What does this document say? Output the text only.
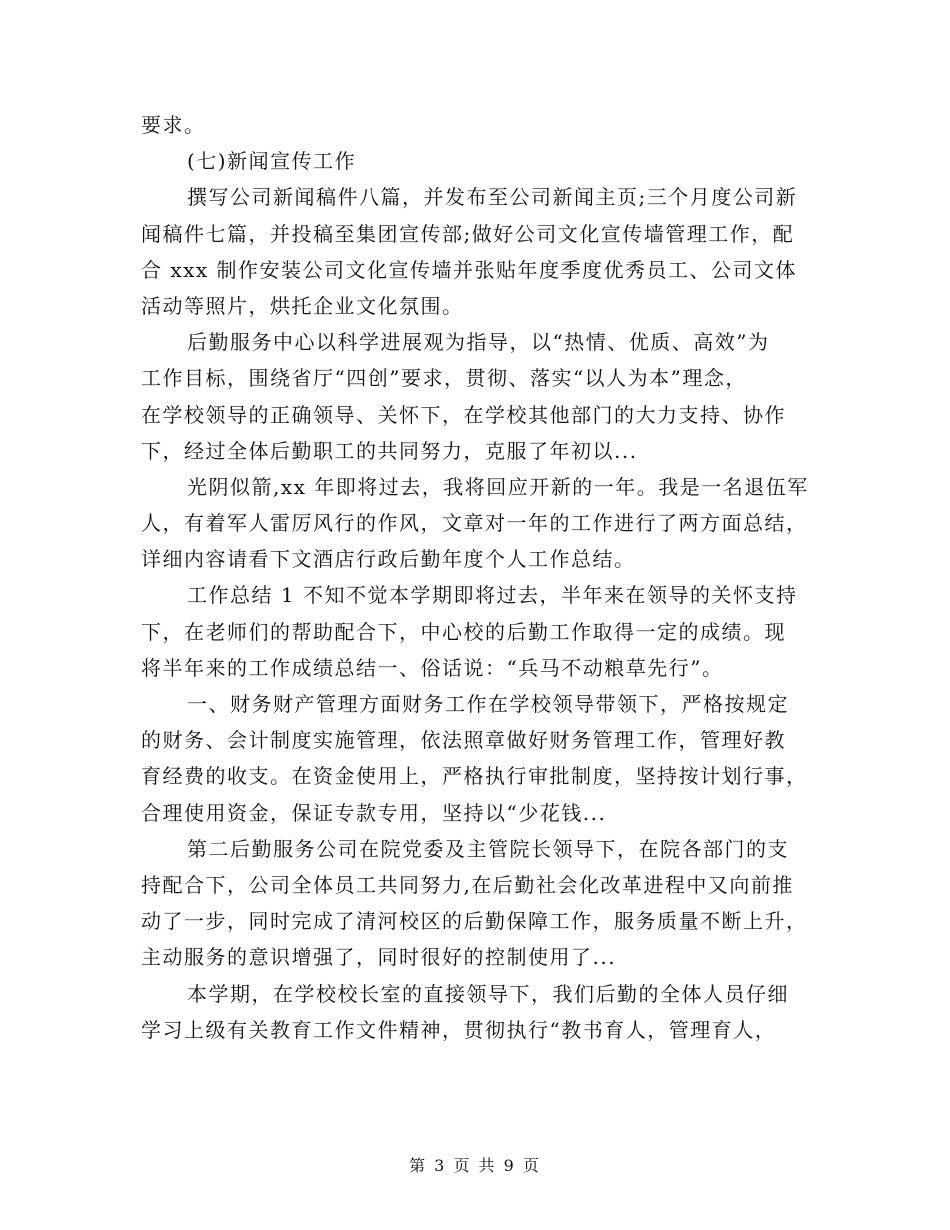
要求。
(七)新闻宣传工作
撰写公司新闻稿件八篇，并发布至公司新闻主页;三个月度公司新
闻稿件七篇，并投稿至集团宣传部;做好公司文化宣传墙管理工作，配
合 xxx 制作安装公司文化宣传墙并张贴年度季度优秀员工、公司文体
活动等照片，烘托企业文化氛围。
后勤服务中心以科学进展观为指导，以“热情、优质、高效”为
工作目标，围绕省厅“四创”要求，贯彻、落实“以人为本”理念，
在学校领导的正确领导、关怀下，在学校其他部门的大力支持、协作
下，经过全体后勤职工的共同努力，克服了年初以...
光阴似箭,xx 年即将过去，我将回应开新的一年。我是一名退伍军
人，有着军人雷厉风行的作风，文章对一年的工作进行了两方面总结，
详细内容请看下文酒店行政后勤年度个人工作总结。
工作总结 1 不知不觉本学期即将过去，半年来在领导的关怀支持
下，在老师们的帮助配合下，中心校的后勤工作取得一定的成绩。现
将半年来的工作成绩总结一、俗话说：“兵马不动粮草先行”。
一、财务财产管理方面财务工作在学校领导带领下，严格按规定
的财务、会计制度实施管理，依法照章做好财务管理工作，管理好教
育经费的收支。在资金使用上，严格执行审批制度，坚持按计划行事，
合理使用资金，保证专款专用，坚持以“少花钱...
第二后勤服务公司在院党委及主管院长领导下，在院各部门的支
持配合下，公司全体员工共同努力,在后勤社会化改革进程中又向前推
动了一步，同时完成了清河校区的后勤保障工作，服务质量不断上升，
主动服务的意识增强了，同时很好的控制使用了...
本学期，在学校校长室的直接领导下，我们后勤的全体人员仔细
学习上级有关教育工作文件精神，贯彻执行“教书育人，管理育人，
第 3 页 共 9 页
